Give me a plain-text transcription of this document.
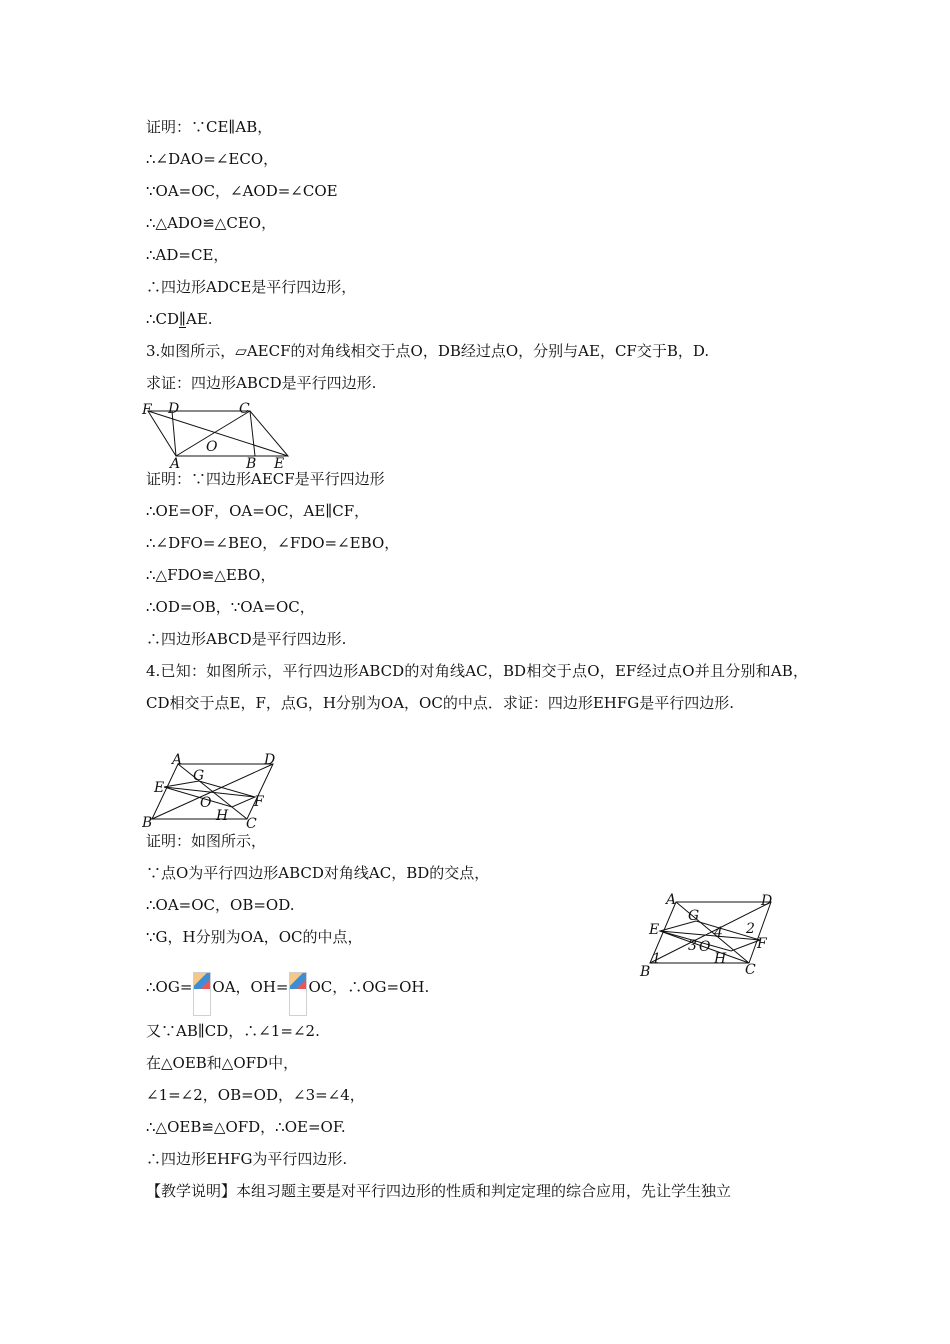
证明：∵CE∥AB，
∴∠DAO=∠ECO，
∵OA=OC，∠AOD=∠COE
∴△ADO≌△CEO，
∴AD=CE，
∴四边形ADCE是平行四边形，
∴CD∥
AE.
3.如图所示，▱AECF的对角线相交于点O，DB经过点O，分别与AE，CF交于B，D.
求证：四边形ABCD是平行四边形.
F D	C
O
A	B E
证明：∵四边形AECF是平行四边形
∴OE=OF，OA=OC，AE∥CF，
∴∠DFO=∠BEO，∠FDO=∠EBO，
∴△FDO≌△EBO，
∴OD=OB，∵OA=OC，
∴四边形ABCD是平行四边形.
4.已知：如图所示，平行四边形ABCD的对角线AC，BD相交于点O，EF经过点O并且分别和AB，CD相交于点E，F，点G，H分别为OA，OC的中点．求证：四边形EHFG是平行四边形.
A	D
G
E
O	F
H
B	C
证明：如图所示，
∵点O为平行四边形ABCD对角线AC，BD的交点，
∴OA=OC，OB=OD.
∵G，H分别为OA，OC的中点，
A	D
G
E	4 2
3 O	F
1	H
B	C
∴OG= OA，OH= OC，∴OG=OH.
又∵AB∥CD，∴∠1=∠2.
在△OEB和△OFD中，
∠1=∠2，OB=OD，∠3=∠4，
∴△OEB≌△OFD，∴OE=OF.
∴四边形EHFG为平行四边形.
【教学说明】本组习题主要是对平行四边形的性质和判定定理的综合应用，先让学生独立
